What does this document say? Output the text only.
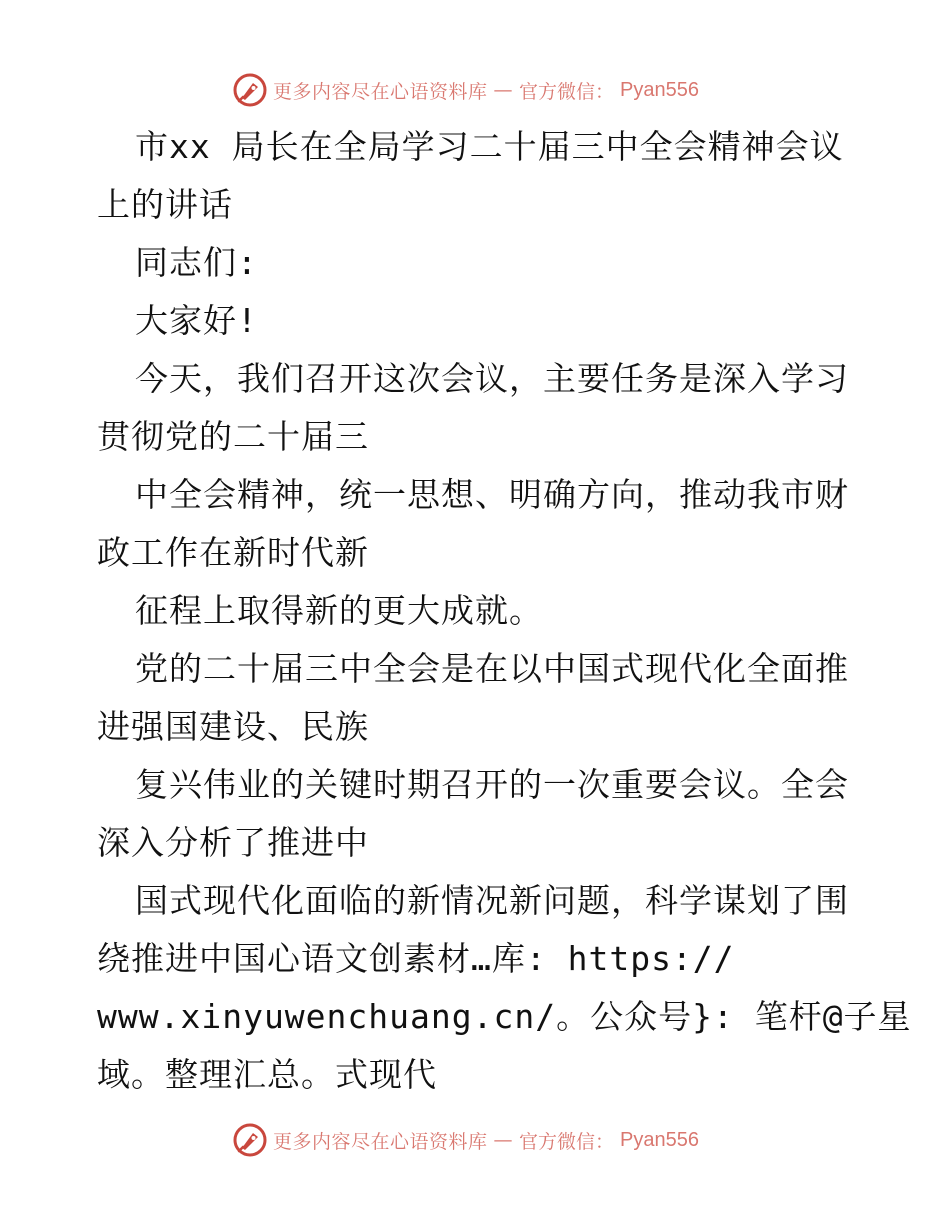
更多内容尽在心语资料库 — 官方微信： Pyan556
市xx 局长在全局学习二十届三中全会精神会议
上的讲话
同志们:
大家好!
今天，我们召开这次会议，主要任务是深入学习
贯彻党的二十届三
中全会精神，统一思想、明确方向，推动我市财
政工作在新时代新
征程上取得新的更大成就。
党的二十届三中全会是在以中国式现代化全面推
进强国建设、民族
复兴伟业的关键时期召开的一次重要会议。全会
深入分析了推进中
国式现代化面临的新情况新问题，科学谋划了围
绕推进中国心语文创素材…库: https://
www.xinyuwenchuang.cn/。公众号}: 笔杆@子星
域。整理汇总。式现代
更多内容尽在心语资料库 — 官方微信： Pyan556
